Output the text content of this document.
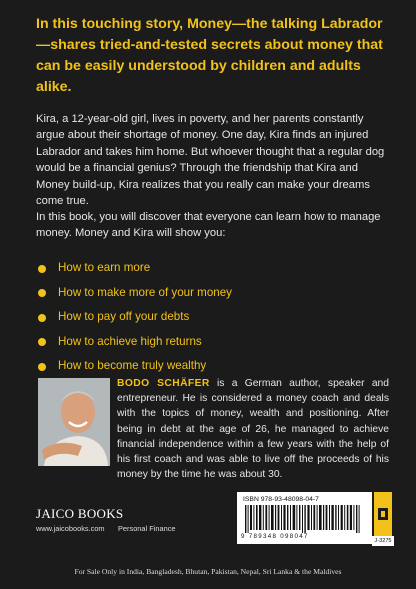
In this touching story, Money—the talking Labrador—shares tried-and-tested secrets about money that can be easily understood by children and adults alike.
Kira, a 12-year-old girl, lives in poverty, and her parents constantly argue about their shortage of money. One day, Kira finds an injured Labrador and takes him home. But whoever thought that a regular dog would be a financial genius? Through the friendship that Kira and Money build-up, Kira realizes that you really can make your dreams come true.
In this book, you will discover that everyone can learn how to manage money. Money and Kira will show you:
How to earn more
How to make more of your money
How to pay off your debts
How to achieve high returns
How to become truly wealthy
BODO SCHÄFER is a German author, speaker and entrepreneur. He is considered a money coach and deals with the topics of money, wealth and positioning. After being in debt at the age of 26, he managed to achieve financial independence within a few years with the help of his first coach and was able to live off the proceeds of his money by the time he was about 30.
JAICO BOOKS
www.jaicobooks.com Personal Finance
ISBN 978-93-48098-04-7
9 789348 098047
J-3275
For Sale Only in India, Bangladesh, Bhutan, Pakistan, Nepal, Sri Lanka & the Maldives
